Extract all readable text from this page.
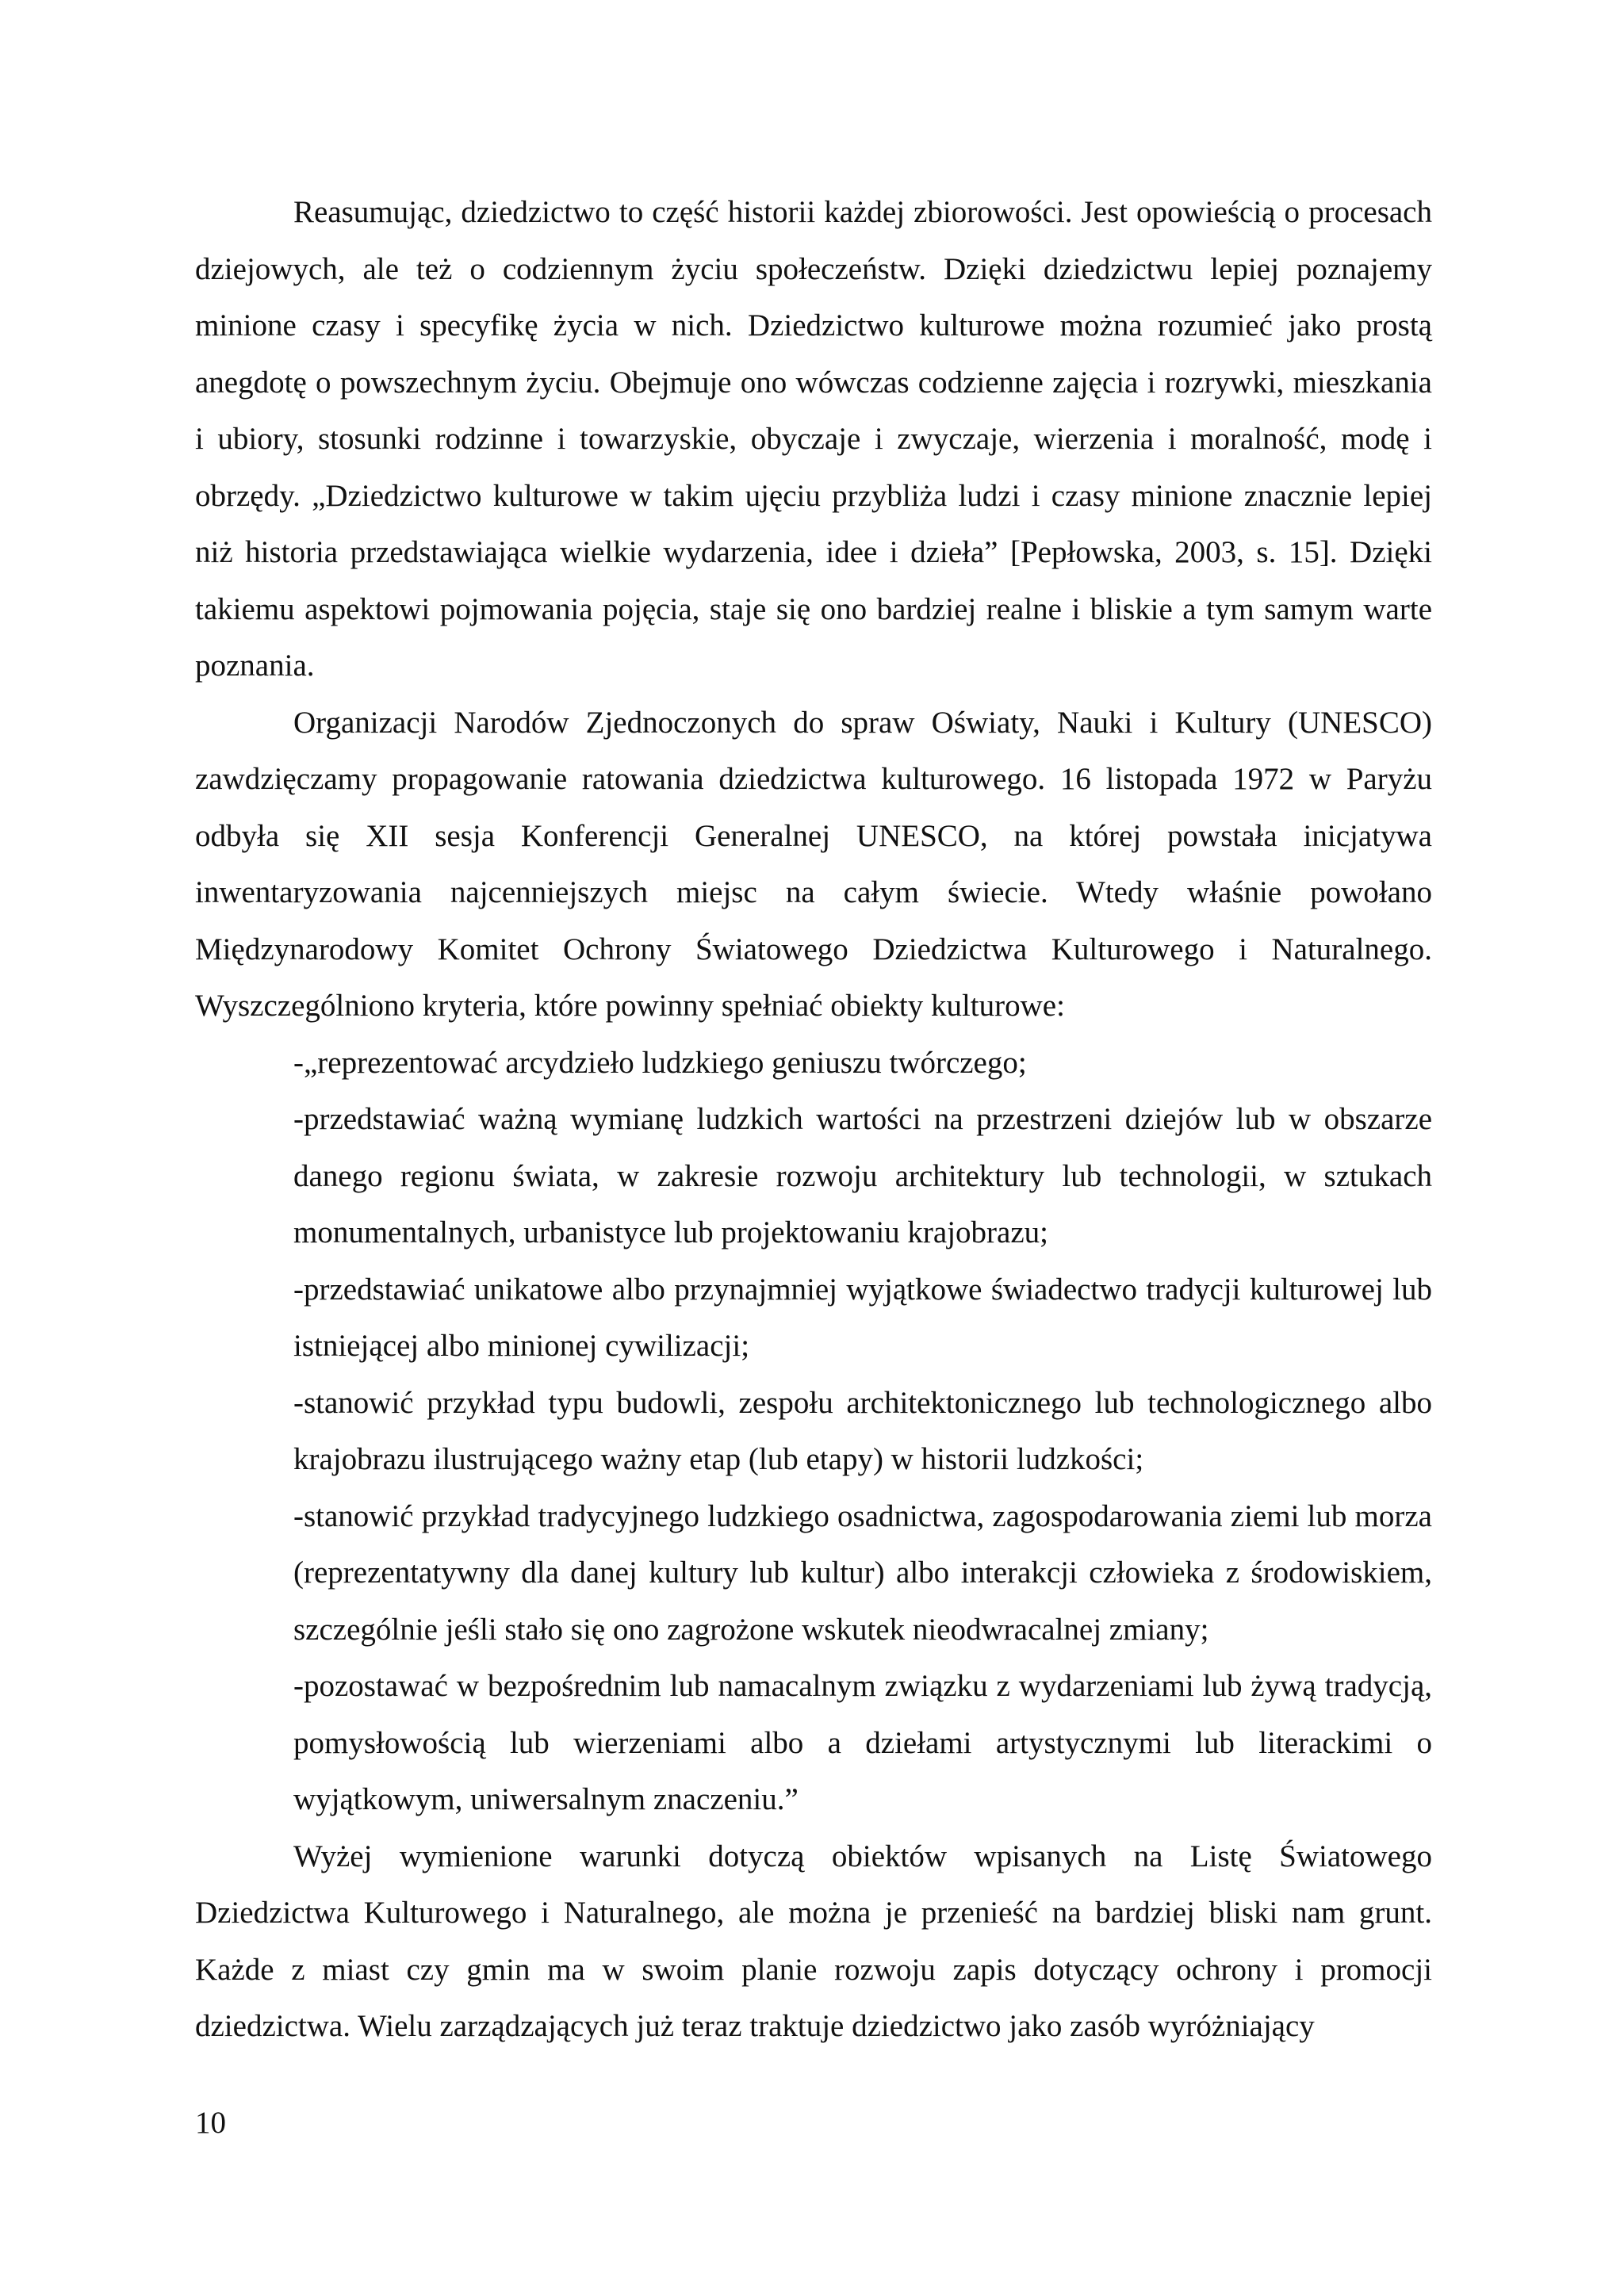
Reasumując, dziedzictwo to część historii każdej zbiorowości. Jest opowieścią o procesach dziejowych, ale też o codziennym życiu społeczeństw. Dzięki dziedzictwu lepiej poznajemy minione czasy i specyfikę życia w nich. Dziedzictwo kulturowe można rozumieć jako prostą anegdotę o powszechnym życiu. Obejmuje ono wówczas codzienne zajęcia i rozrywki, mieszkania i ubiory, stosunki rodzinne i towarzyskie, obyczaje i zwyczaje, wierzenia i moralność, modę i obrzędy. „Dziedzictwo kulturowe w takim ujęciu przybliża ludzi i czasy minione znacznie lepiej niż historia przedstawiająca wielkie wydarzenia, idee i dzieła” [Pepłowska, 2003, s. 15]. Dzięki takiemu aspektowi pojmowania pojęcia, staje się ono bardziej realne i bliskie a tym samym warte poznania.

Organizacji Narodów Zjednoczonych do spraw Oświaty, Nauki i Kultury (UNESCO) zawdzięczamy propagowanie ratowania dziedzictwa kulturowego. 16 listopada 1972 w Paryżu odbyła się XII sesja Konferencji Generalnej UNESCO, na której powstała inicjatywa inwentaryzowania najcenniejszych miejsc na całym świecie. Wtedy właśnie powołano Międzynarodowy Komitet Ochrony Światowego Dziedzictwa Kulturowego i Naturalnego. Wyszczególniono kryteria, które powinny spełniać obiekty kulturowe:

-„reprezentować arcydzieło ludzkiego geniuszu twórczego;

-przedstawiać ważną wymianę ludzkich wartości na przestrzeni dziejów lub w obszarze danego regionu świata, w zakresie rozwoju architektury lub technologii, w sztukach monumentalnych, urbanistyce lub projektowaniu krajobrazu;

-przedstawiać unikatowe albo przynajmniej wyjątkowe świadectwo tradycji kulturowej lub istniejącej albo minionej cywilizacji;

-stanowić przykład typu budowli, zespołu architektonicznego lub technologicznego albo krajobrazu ilustrującego ważny etap (lub etapy) w historii ludzkości;

-stanowić przykład tradycyjnego ludzkiego osadnictwa, zagospodarowania ziemi lub morza (reprezentatywny dla danej kultury lub kultur) albo interakcji człowieka z środowiskiem, szczególnie jeśli stało się ono zagrożone wskutek nieodwracalnej zmiany;

-pozostawać w bezpośrednim lub namacalnym związku z wydarzeniami lub żywą tradycją, pomysłowością lub wierzeniami albo a dziełami artystycznymi lub literackimi o wyjątkowym, uniwersalnym znaczeniu.”

Wyżej wymienione warunki dotyczą obiektów wpisanych na Listę Światowego Dziedzictwa Kulturowego i Naturalnego, ale można je przenieść na bardziej bliski nam grunt. Każde z miast czy gmin ma w swoim planie rozwoju zapis dotyczący ochrony i promocji dziedzictwa. Wielu zarządzających już teraz traktuje dziedzictwo jako zasób wyróżniający

10
